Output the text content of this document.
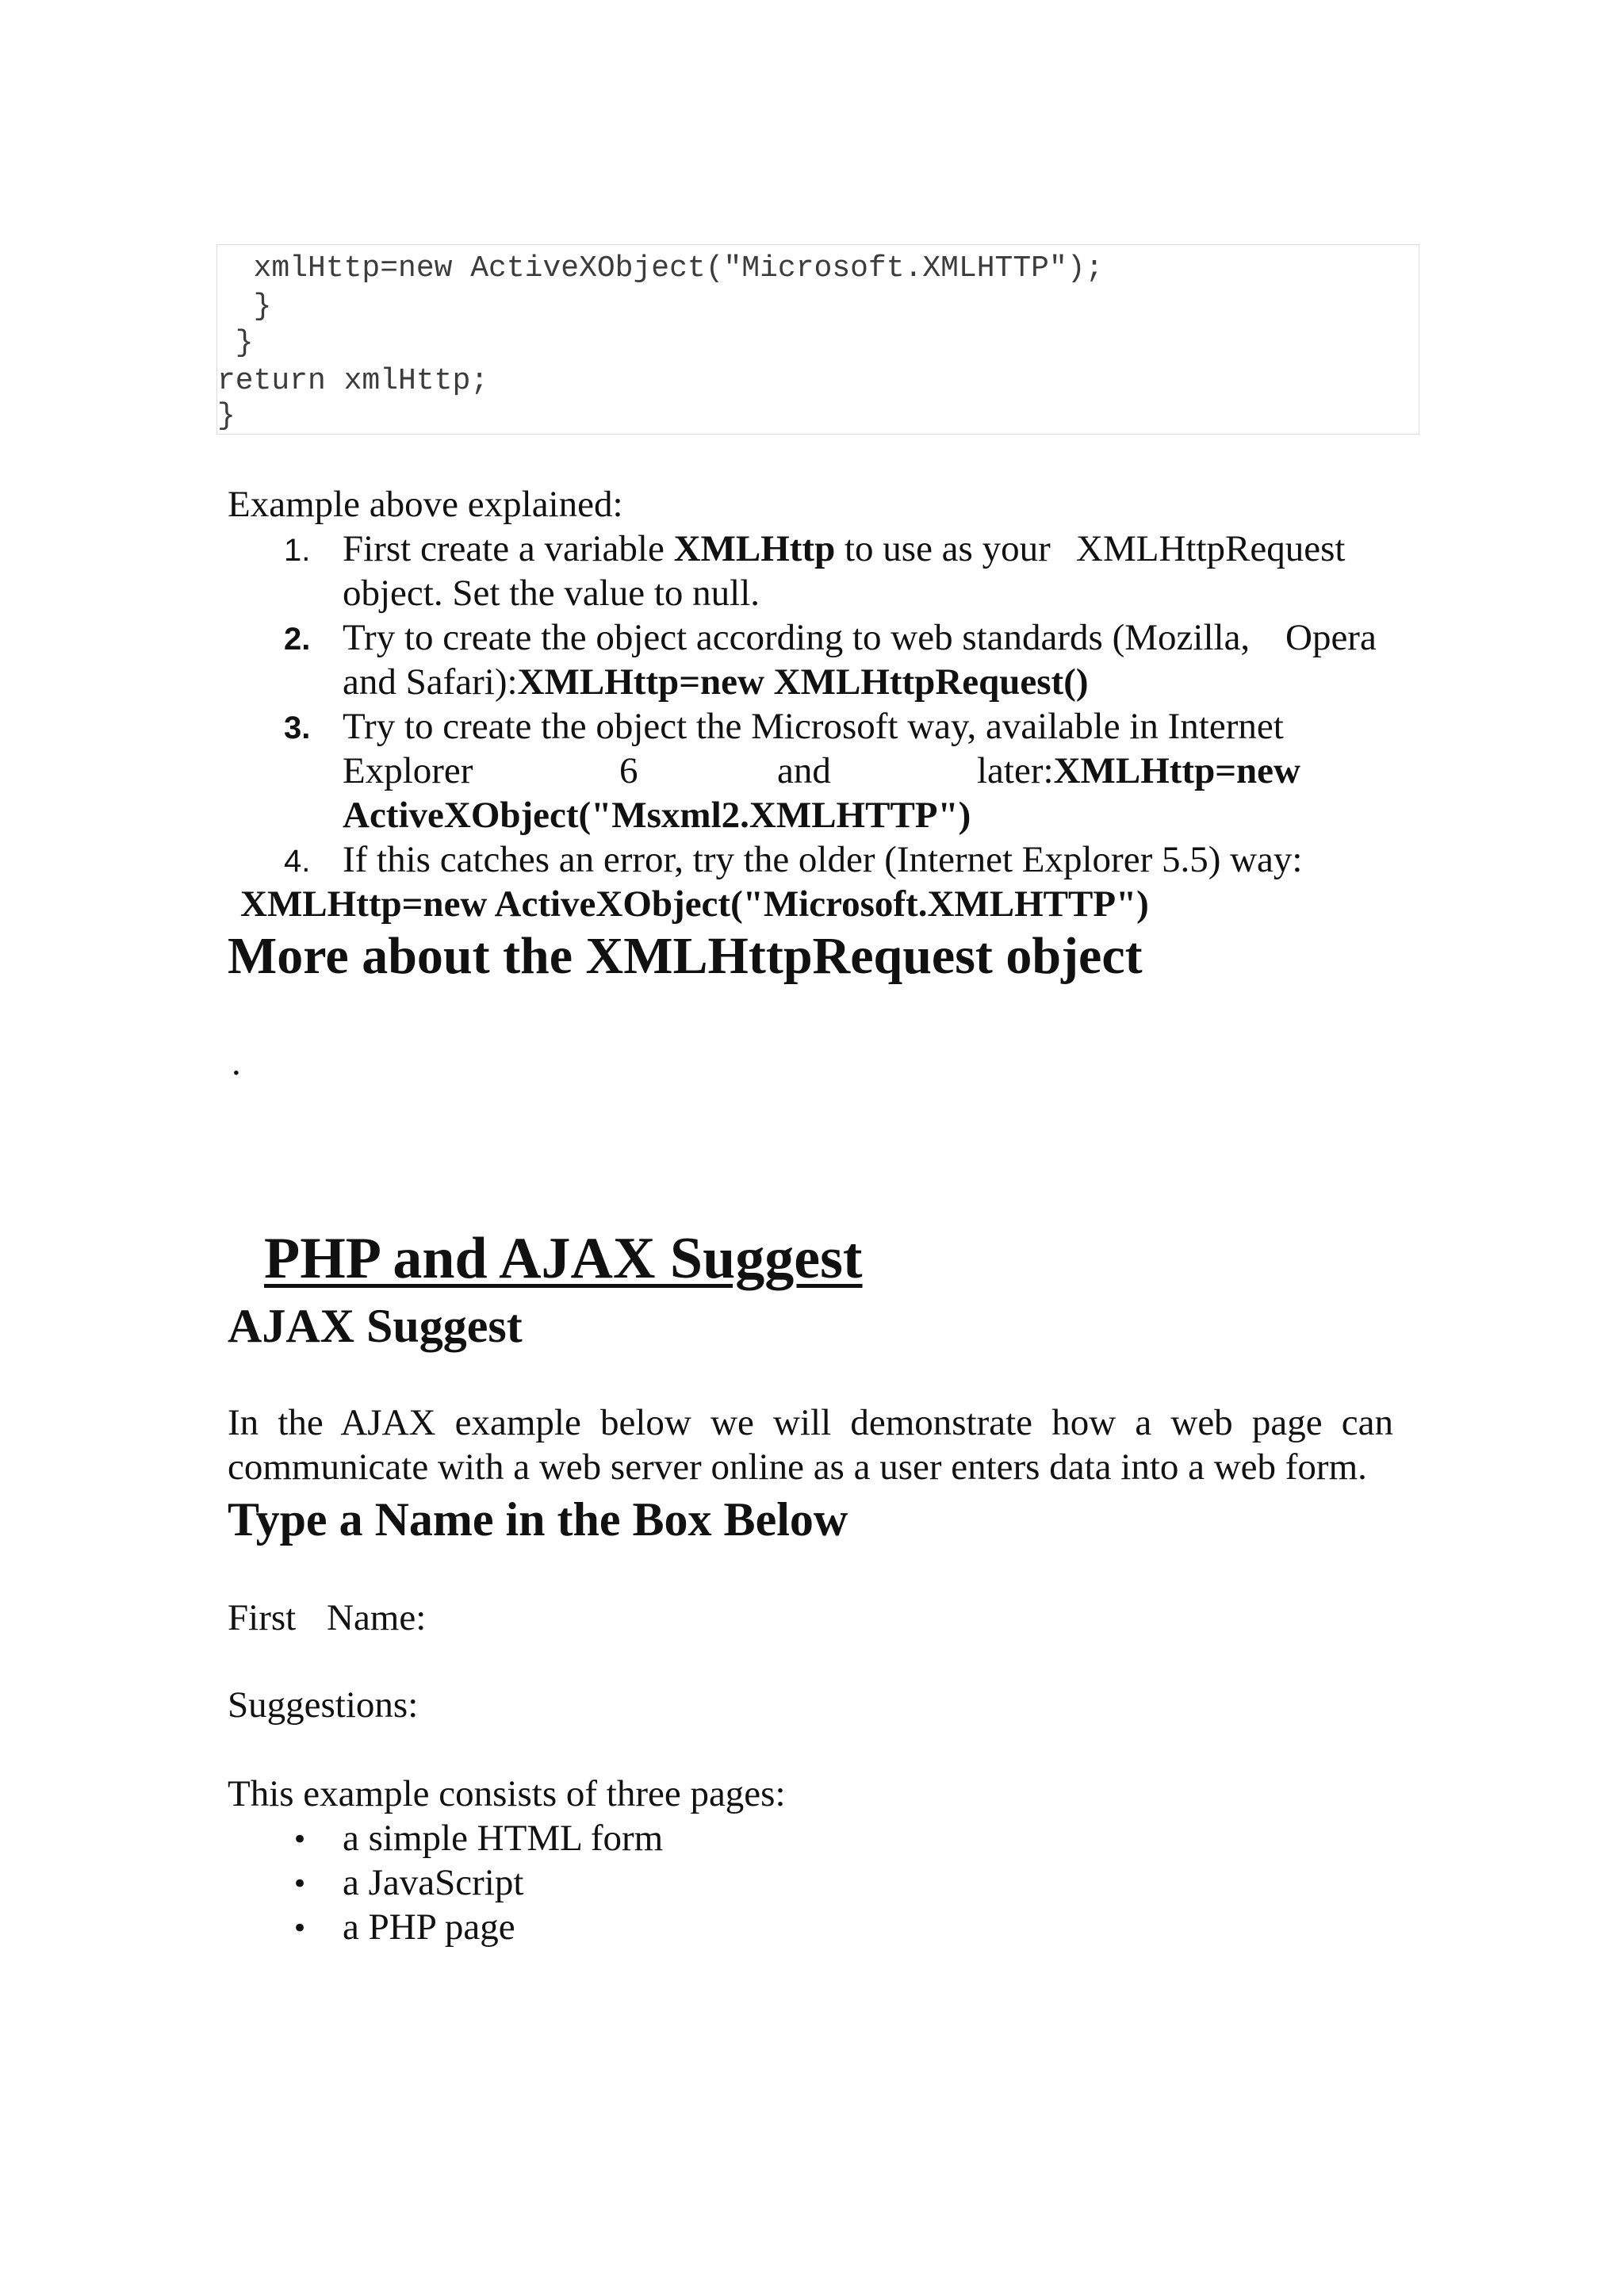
xmlHttp=new ActiveXObject("Microsoft.XMLHTTP");
}
}
return xmlHttp;
}
Example above explained:
1. First create a variable XMLHttp to use as your XMLHttpRequest
object. Set the value to null.
2. Try to create the object according to web standards (Mozilla, Opera
and Safari):XMLHttp=new XMLHttpRequest()
3. Try to create the object the Microsoft way, available in Internet
Explorer	6	and	later:XMLHttp=new
ActiveXObject("Msxml2.XMLHTTP")
4. If this catches an error, try the older (Internet Explorer 5.5) way:
XMLHttp=new ActiveXObject("Microsoft.XMLHTTP")
More about the XMLHttpRequest object
.
PHP and AJAX Suggest
AJAX Suggest
In the AJAX example below we will demonstrate how a web page can
communicate with a web server online as a user enters data into a web form.
Type a Name in the Box Below
First Name:
Suggestions:
This example consists of three pages:
• a simple HTML form
• a JavaScript
• a PHP page
